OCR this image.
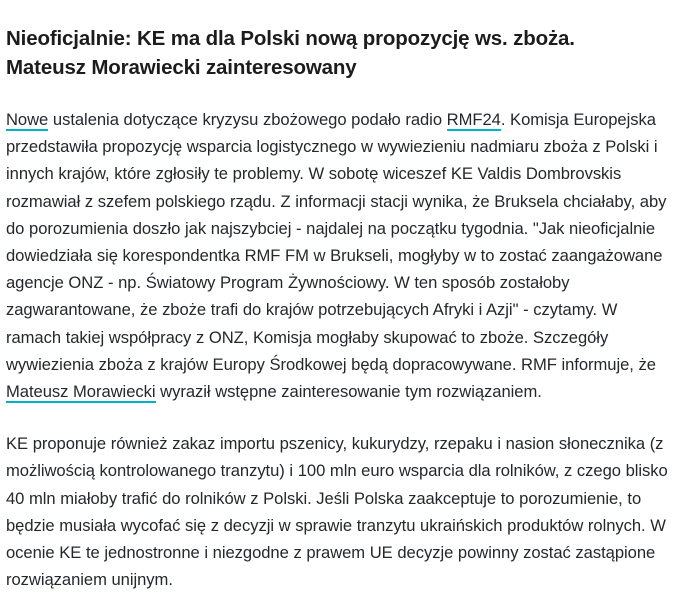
Nieoficjalnie: KE ma dla Polski nową propozycję ws. zboża. Mateusz Morawiecki zainteresowany

Nowe ustalenia dotyczące kryzysu zbożowego podało radio RMF24. Komisja Europejska przedstawiła propozycję wsparcia logistycznego w wywiezieniu nadmiaru zboża z Polski i innych krajów, które zgłosiły te problemy. W sobotę wiceszef KE Valdis Dombrovskis rozmawiał z szefem polskiego rządu. Z informacji stacji wynika, że Bruksela chciałaby, aby do porozumienia doszło jak najszybciej - najdalej na początku tygodnia. "Jak nieoficjalnie dowiedziała się korespondentka RMF FM w Brukseli, mogłyby w to zostać zaangażowane agencje ONZ - np. Światowy Program Żywnościowy. W ten sposób zostałoby zagwarantowane, że zboże trafi do krajów potrzebujących Afryki i Azji" - czytamy. W ramach takiej współpracy z ONZ, Komisja mogłaby skupować to zboże. Szczegóły wywiezienia zboża z krajów Europy Środkowej będą dopracowywane. RMF informuje, że Mateusz Morawiecki wyraził wstępne zainteresowanie tym rozwiązaniem.

KE proponuje również zakaz importu pszenicy, kukurydzy, rzepaku i nasion słonecznika (z możliwością kontrolowanego tranzytu) i 100 mln euro wsparcia dla rolników, z czego blisko 40 mln miałoby trafić do rolników z Polski. Jeśli Polska zaakceptuje to porozumienie, to będzie musiała wycofać się z decyzji w sprawie tranzytu ukraińskich produktów rolnych. W ocenie KE te jednostronne i niezgodne z prawem UE decyzje powinny zostać zastąpione rozwiązaniem unijnym.
